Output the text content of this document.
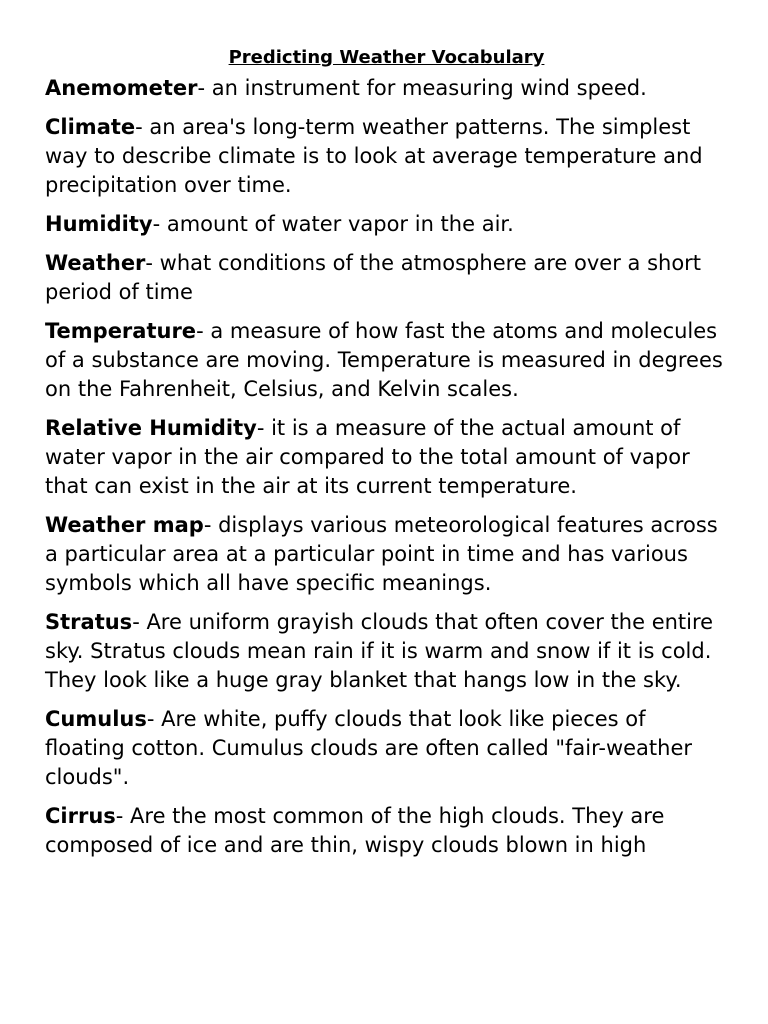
Predicting Weather Vocabulary

Anemometer- an instrument for measuring wind speed.

Climate- an area's long-term weather patterns. The simplest way to describe climate is to look at average temperature and precipitation over time.

Humidity- amount of water vapor in the air.

Weather- what conditions of the atmosphere are over a short period of time

Temperature- a measure of how fast the atoms and molecules of a substance are moving. Temperature is measured in degrees on the Fahrenheit, Celsius, and Kelvin scales.

Relative Humidity- it is a measure of the actual amount of water vapor in the air compared to the total amount of vapor that can exist in the air at its current temperature.

Weather map- displays various meteorological features across a particular area at a particular point in time and has various symbols which all have specific meanings.

Stratus- Are uniform grayish clouds that often cover the entire sky. Stratus clouds mean rain if it is warm and snow if it is cold. They look like a huge gray blanket that hangs low in the sky.

Cumulus- Are white, puffy clouds that look like pieces of floating cotton. Cumulus clouds are often called "fair-weather clouds".

Cirrus- Are the most common of the high clouds. They are composed of ice and are thin, wispy clouds blown in high
